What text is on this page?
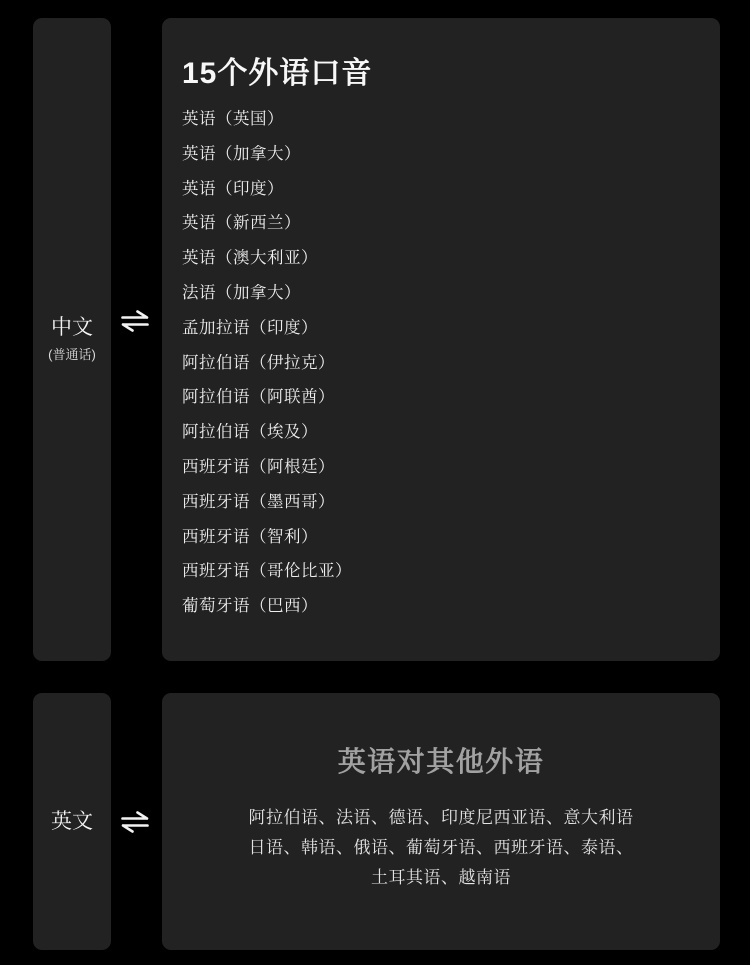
中文
(普通话)
15个外语口音
英语（英国）
英语（加拿大）
英语（印度）
英语（新西兰）
英语（澳大利亚）
法语（加拿大）
孟加拉语（印度）
阿拉伯语（伊拉克）
阿拉伯语（阿联酋）
阿拉伯语（埃及）
西班牙语（阿根廷）
西班牙语（墨西哥）
西班牙语（智利）
西班牙语（哥伦比亚）
葡萄牙语（巴西）
英文
英语对其他外语
阿拉伯语、法语、德语、印度尼西亚语、意大利语
日语、韩语、俄语、葡萄牙语、西班牙语、泰语、
土耳其语、越南语
